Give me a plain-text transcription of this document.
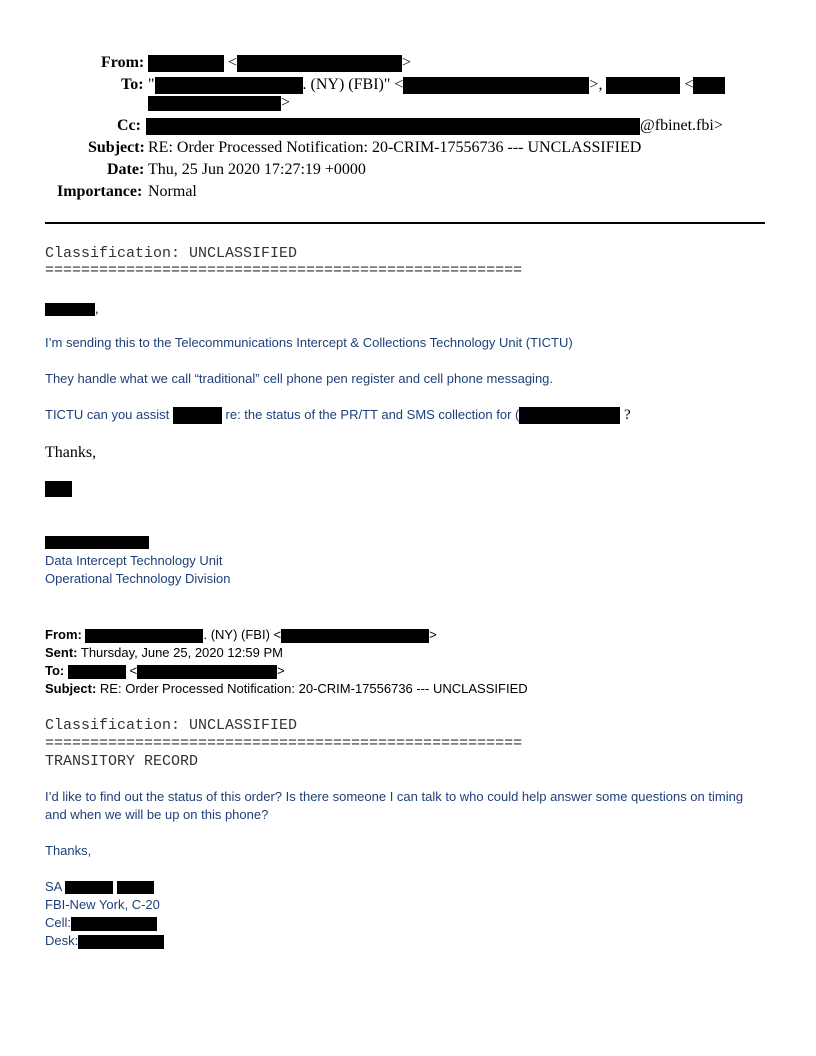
From:	<	>
To: "	. (NY) (FBI)" <	>,	<
>
Cc:	@fbinet.fbi>
Subject: RE: Order Processed Notification: 20-CRIM-17556736 --- UNCLASSIFIED
Date: Thu, 25 Jun 2020 17:27:19 +0000
Importance: Normal
Classification: UNCLASSIFIED
=====================================================
,
I’m sending this to the Telecommunications Intercept & Collections Technology Unit (TICTU)
They handle what we call “traditional” cell phone pen register and cell phone messaging.
TICTU can you assist	re: the status of the PR/TT and SMS collection for (	?
Thanks,
Data Intercept Technology Unit
Operational Technology Division
From:	. (NY) (FBI) <	>
Sent: Thursday, June 25, 2020 12:59 PM
To:	<	>
Subject: RE: Order Processed Notification: 20-CRIM-17556736 --- UNCLASSIFIED
Classification: UNCLASSIFIED
=====================================================
TRANSITORY RECORD
I’d like to find out the status of this order? Is there someone I can talk to who could help answer some questions on timing
and when we will be up on this phone?
Thanks,
SA
FBI-New York, C-20
Cell:
Desk:
